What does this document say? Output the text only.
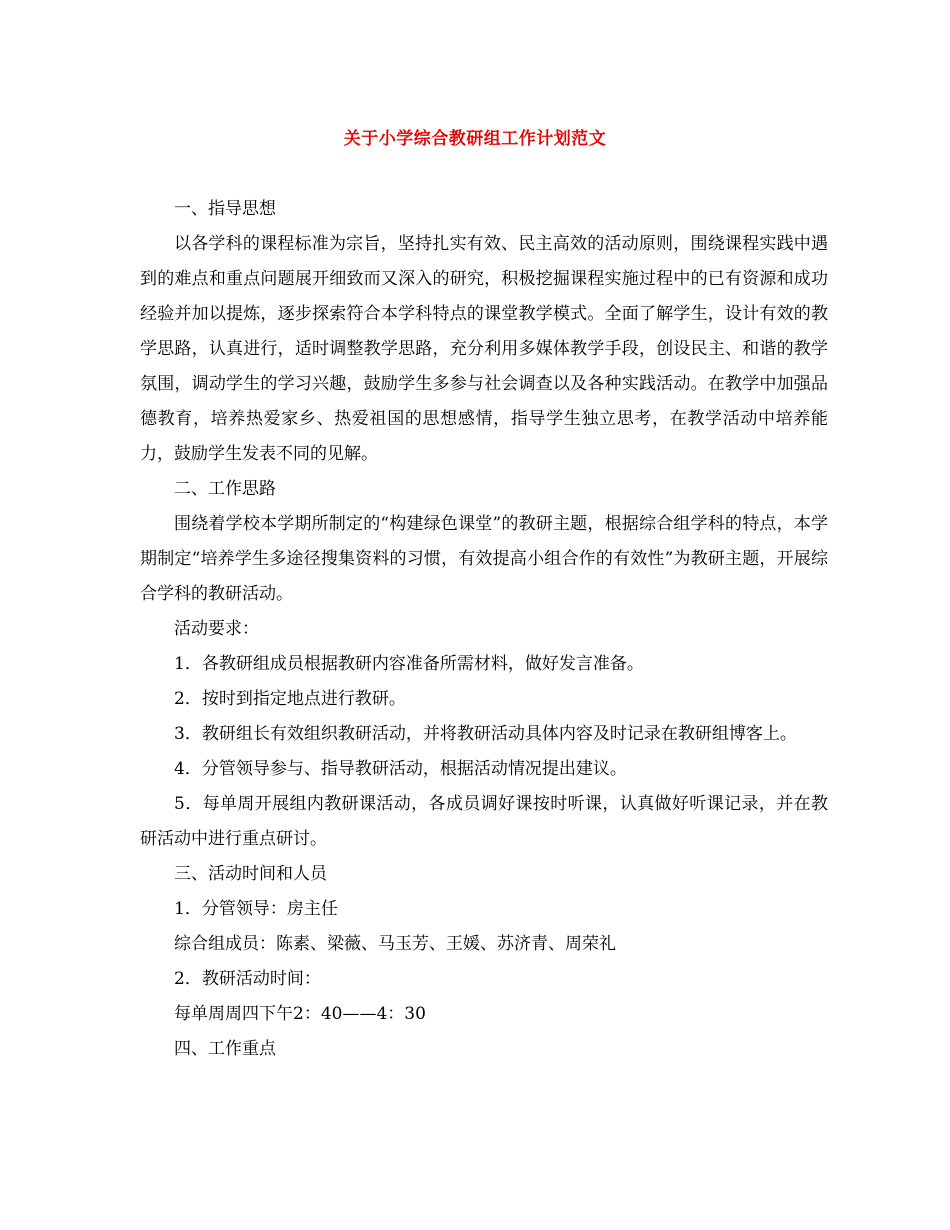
关于小学综合教研组工作计划范文

一、指导思想

以各学科的课程标准为宗旨，坚持扎实有效、民主高效的活动原则，围绕课程实践中遇到的难点和重点问题展开细致而又深入的研究，积极挖掘课程实施过程中的已有资源和成功经验并加以提炼，逐步探索符合本学科特点的课堂教学模式。全面了解学生，设计有效的教学思路，认真进行，适时调整教学思路，充分利用多媒体教学手段，创设民主、和谐的教学氛围，调动学生的学习兴趣，鼓励学生多参与社会调查以及各种实践活动。在教学中加强品德教育，培养热爱家乡、热爱祖国的思想感情，指导学生独立思考，在教学活动中培养能力，鼓励学生发表不同的见解。

二、工作思路

围绕着学校本学期所制定的“构建绿色课堂”的教研主题，根据综合组学科的特点，本学期制定“培养学生多途径搜集资料的习惯，有效提高小组合作的有效性”为教研主题，开展综合学科的教研活动。

活动要求：

1．各教研组成员根据教研内容准备所需材料，做好发言准备。

2．按时到指定地点进行教研。

3．教研组长有效组织教研活动，并将教研活动具体内容及时记录在教研组博客上。

4．分管领导参与、指导教研活动，根据活动情况提出建议。

5．每单周开展组内教研课活动，各成员调好课按时听课，认真做好听课记录，并在教研活动中进行重点研讨。

三、活动时间和人员

1．分管领导：房主任

综合组成员：陈素、梁薇、马玉芳、王媛、苏济青、周荣礼

2．教研活动时间：

每单周周四下午2：40——4：30

四、工作重点
